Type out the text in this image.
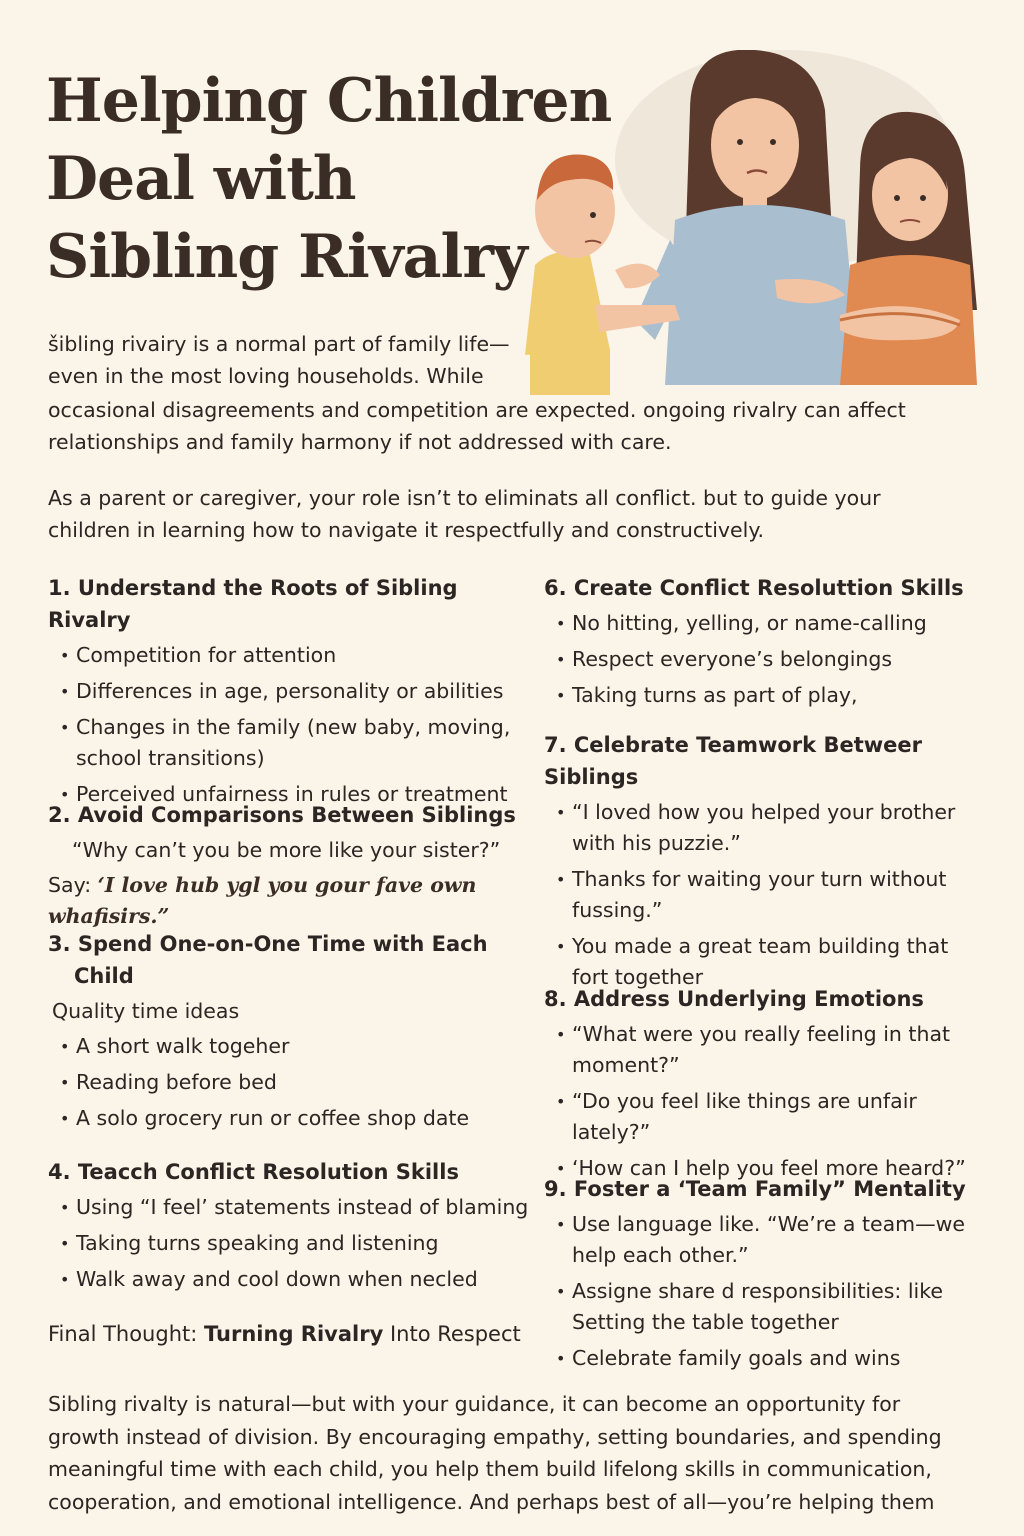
Helping Children
Deal with
Sibling Rivalry

šibling rivairy is a normal part of family life—
even in the most loving households. While

occasional disagreements and competition are expected. ongoing rivalry can affect relationships and family harmony if not addressed with care.

As a parent or caregiver, your role isn’t to eliminats all conflict. but to guide your children in learning how to navigate it respectfully and constructively.

1. Understand the Roots of Sibling Rivalry
• Competition for attention
• Differences in age, personality or abilities
• Changes in the family (new baby, moving, school transitions)
• Perceived unfairness in rules or treatment
2. Avoid Comparisons Between Siblings

“Why can’t you be more like your sister?”

Say: ‘I love hub ygl you gour fave own whafisirs.”

3. Spend One-on-One Time with Each
Child

Quality time ideas

• A short walk togeher
• Reading before bed
• A solo grocery run or coffee shop date
4. Teacch Conflict Resolution Skills
• Using “I feel’ statements instead of blaming
• Taking turns speaking and listening
• Walk away and cool down when necled
6. Create Conflict Resoluttion Skills
• No hitting, yelling, or name-calling
• Respect everyone’s belongings
• Taking turns as part of play,
7. Celebrate Teamwork Betweer Siblings
• “I loved how you helped your brother with his puzzie.”
• Thanks for waiting your turn without fussing.”
• You made a great team building that fort together
8. Address Underlying Emotions
• “What were you really feeling in that moment?”
• “Do you feel like things are unfair lately?”
• ‘How can I help you feel more heard?”
9. Foster a ‘Team Family” Mentality
• Use language like. “We’re a team—we help each other.”
• Assigne share d responsibilities: like Setting the table together
• Celebrate family goals and wins

Final Thought: Turning Rivalry Into Respect

Sibling rivalty is natural—but with your guidance, it can become an opportunity for growth instead of division. By encouraging empathy, setting boundaries, and spending meaningful time with each child, you help them build lifelong skills in communication, cooperation, and emotional intelligence. And perhaps best of all—you’re helping them
